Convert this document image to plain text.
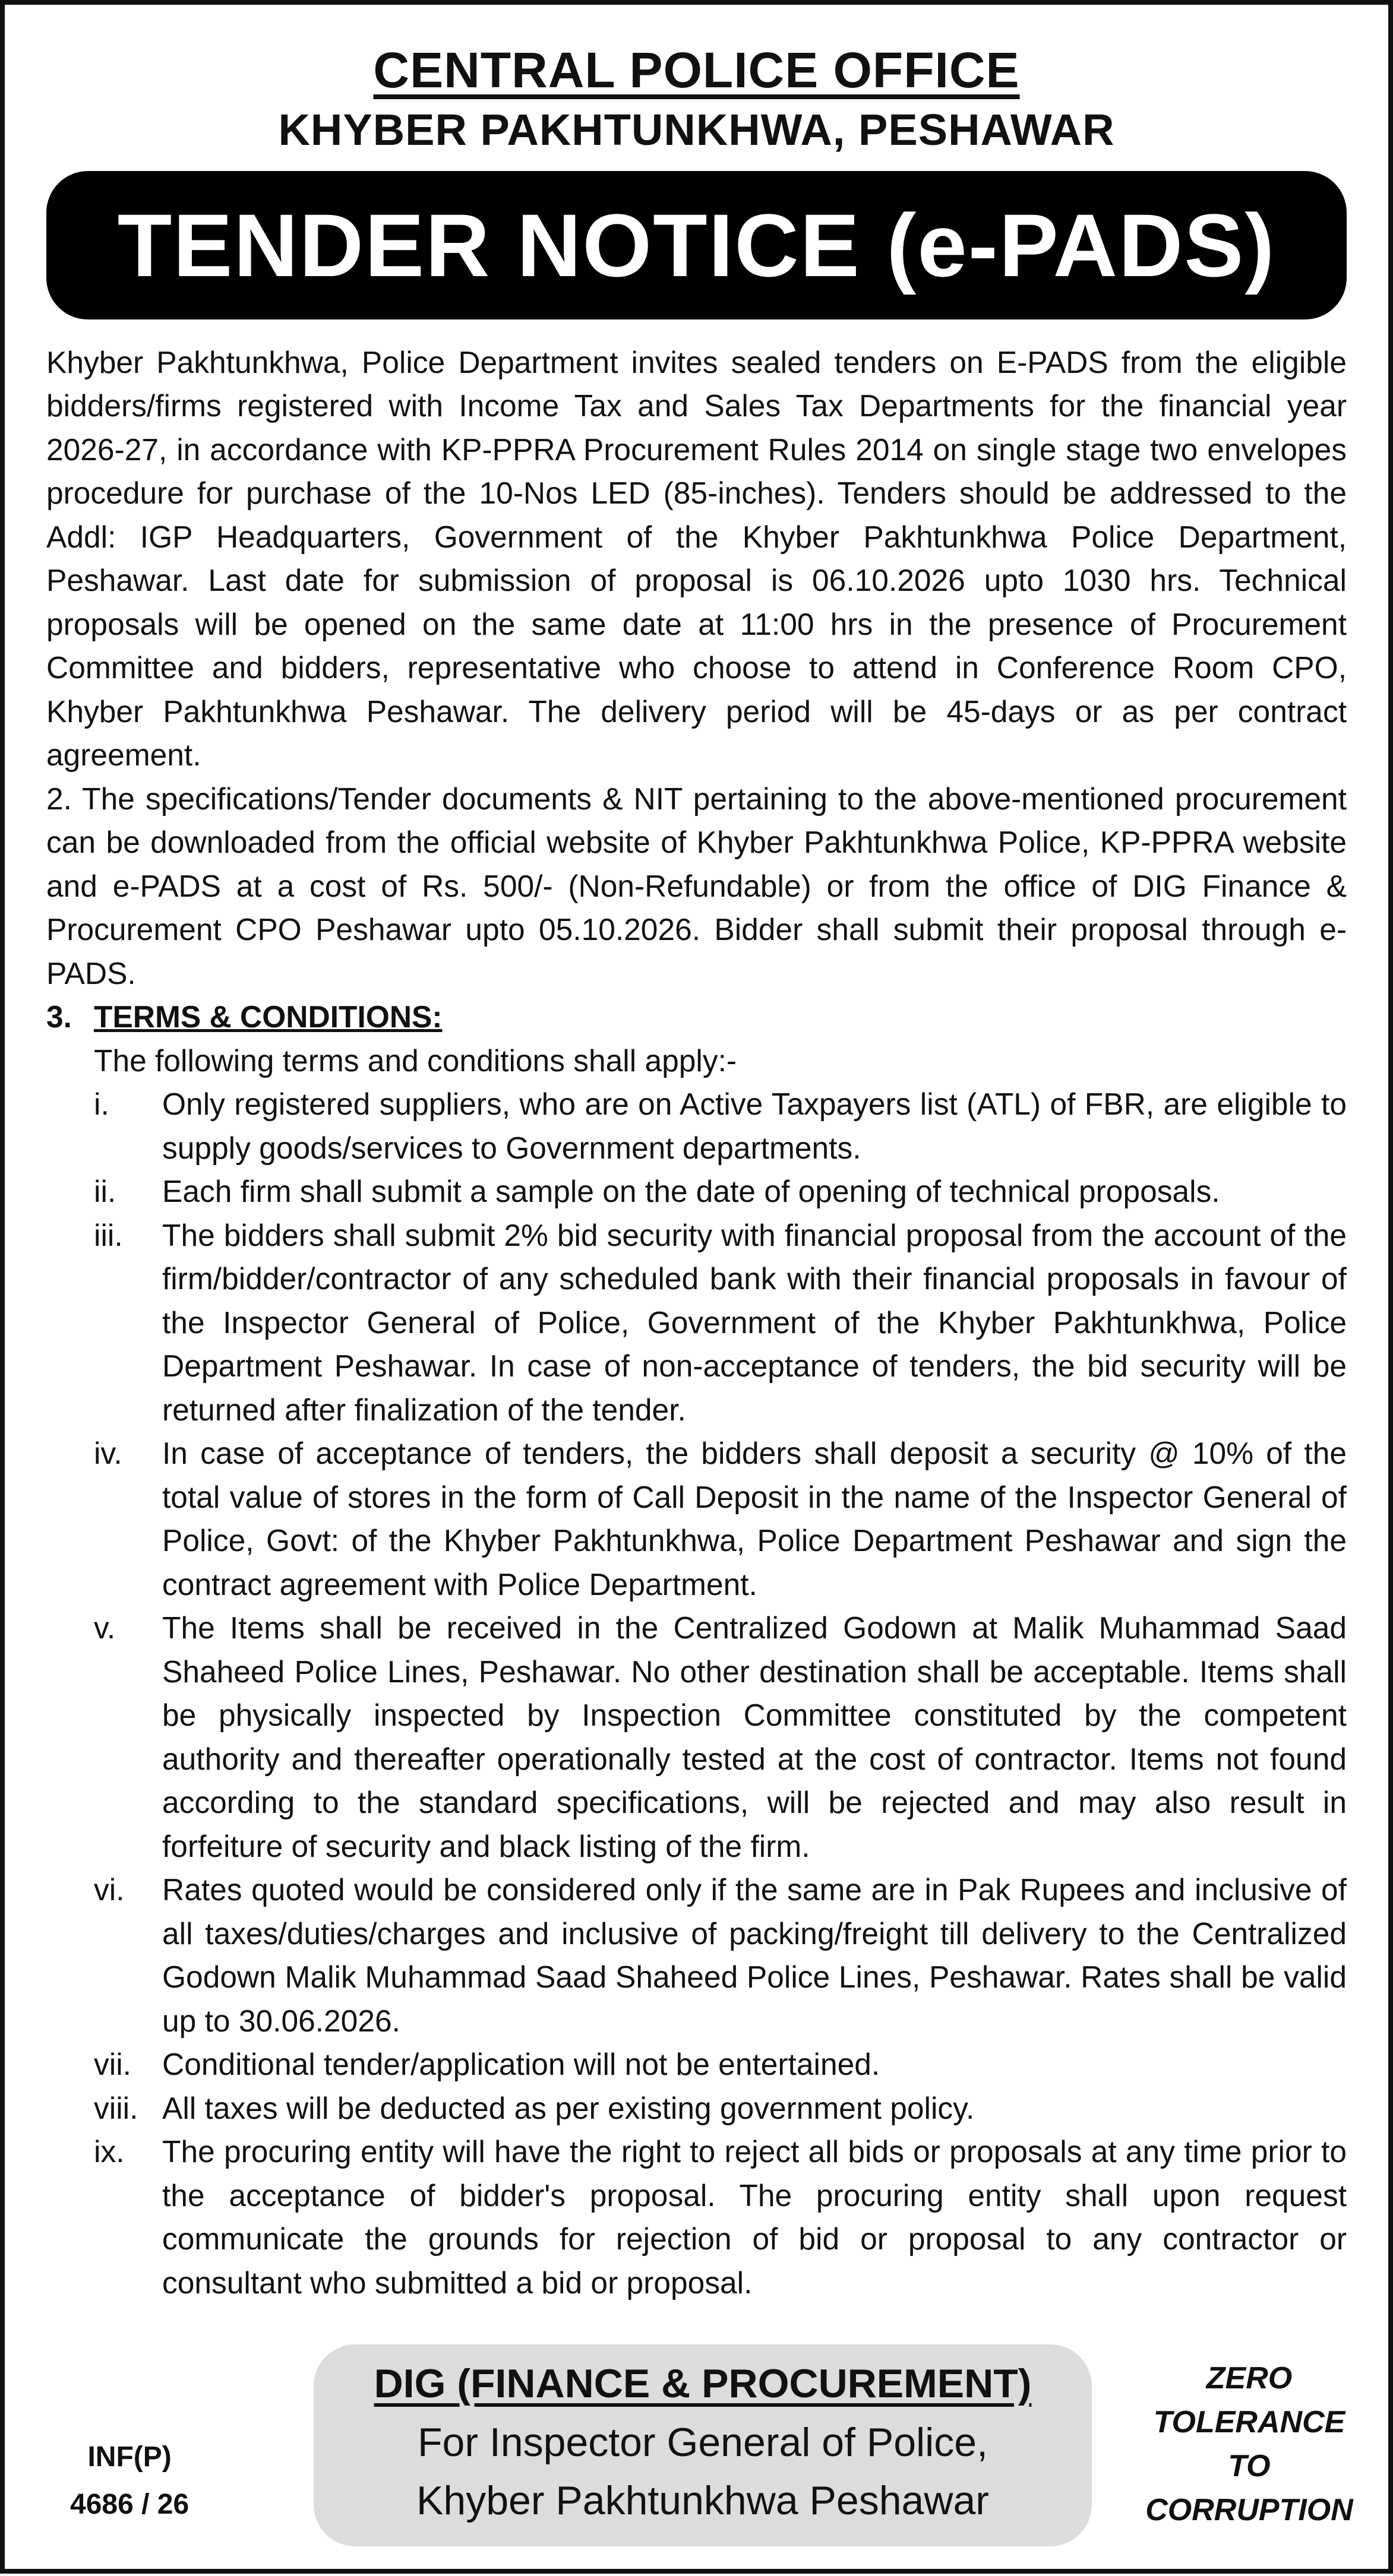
CENTRAL POLICE OFFICE
KHYBER PAKHTUNKHWA, PESHAWAR
TENDER NOTICE (e-PADS)
Khyber Pakhtunkhwa, Police Department invites sealed tenders on E-PADS from the eligible bidders/firms registered with Income Tax and Sales Tax Departments for the financial year 2026-27, in accordance with KP-PPRA Procurement Rules 2014 on single stage two envelopes procedure for purchase of the 10-Nos LED (85-inches). Tenders should be addressed to the Addl: IGP Headquarters, Government of the Khyber Pakhtunkhwa Police Department, Peshawar. Last date for submission of proposal is 06.10.2026 upto 1030 hrs. Technical proposals will be opened on the same date at 11:00 hrs in the presence of Procurement Committee and bidders, representative who choose to attend in Conference Room CPO, Khyber Pakhtunkhwa Peshawar. The delivery period will be 45-days or as per contract agreement.
2. The specifications/Tender documents & NIT pertaining to the above-mentioned procurement can be downloaded from the official website of Khyber Pakhtunkhwa Police, KP-PPRA website and e-PADS at a cost of Rs. 500/- (Non-Refundable) or from the office of DIG Finance & Procurement CPO Peshawar upto 05.10.2026. Bidder shall submit their proposal through e-PADS.
3. TERMS & CONDITIONS:
The following terms and conditions shall apply:-
i.	Only registered suppliers, who are on Active Taxpayers list (ATL) of FBR, are eligible to supply goods/services to Government departments.
ii.	Each firm shall submit a sample on the date of opening of technical proposals.
iii.	The bidders shall submit 2% bid security with financial proposal from the account of the firm/bidder/contractor of any scheduled bank with their financial proposals in favour of the Inspector General of Police, Government of the Khyber Pakhtunkhwa, Police Department Peshawar. In case of non-acceptance of tenders, the bid security will be returned after finalization of the tender.
iv.	In case of acceptance of tenders, the bidders shall deposit a security @ 10% of the total value of stores in the form of Call Deposit in the name of the Inspector General of Police, Govt: of the Khyber Pakhtunkhwa, Police Department Peshawar and sign the contract agreement with Police Department.
v.	The Items shall be received in the Centralized Godown at Malik Muhammad Saad Shaheed Police Lines, Peshawar. No other destination shall be acceptable. Items shall be physically inspected by Inspection Committee constituted by the competent authority and thereafter operationally tested at the cost of contractor. Items not found according to the standard specifications, will be rejected and may also result in forfeiture of security and black listing of the firm.
vi.	Rates quoted would be considered only if the same are in Pak Rupees and inclusive of all taxes/duties/charges and inclusive of packing/freight till delivery to the Centralized Godown Malik Muhammad Saad Shaheed Police Lines, Peshawar. Rates shall be valid up to 30.06.2026.
vii.	Conditional tender/application will not be entertained.
viii. All taxes will be deducted as per existing government policy.
ix.	The procuring entity will have the right to reject all bids or proposals at any time prior to the acceptance of bidder's proposal. The procuring entity shall upon request communicate the grounds for rejection of bid or proposal to any contractor or consultant who submitted a bid or proposal.
INF(P)
4686 / 26
DIG (FINANCE & PROCUREMENT)
For Inspector General of Police,
Khyber Pakhtunkhwa Peshawar
ZERO
TOLERANCE
TO
CORRUPTION
